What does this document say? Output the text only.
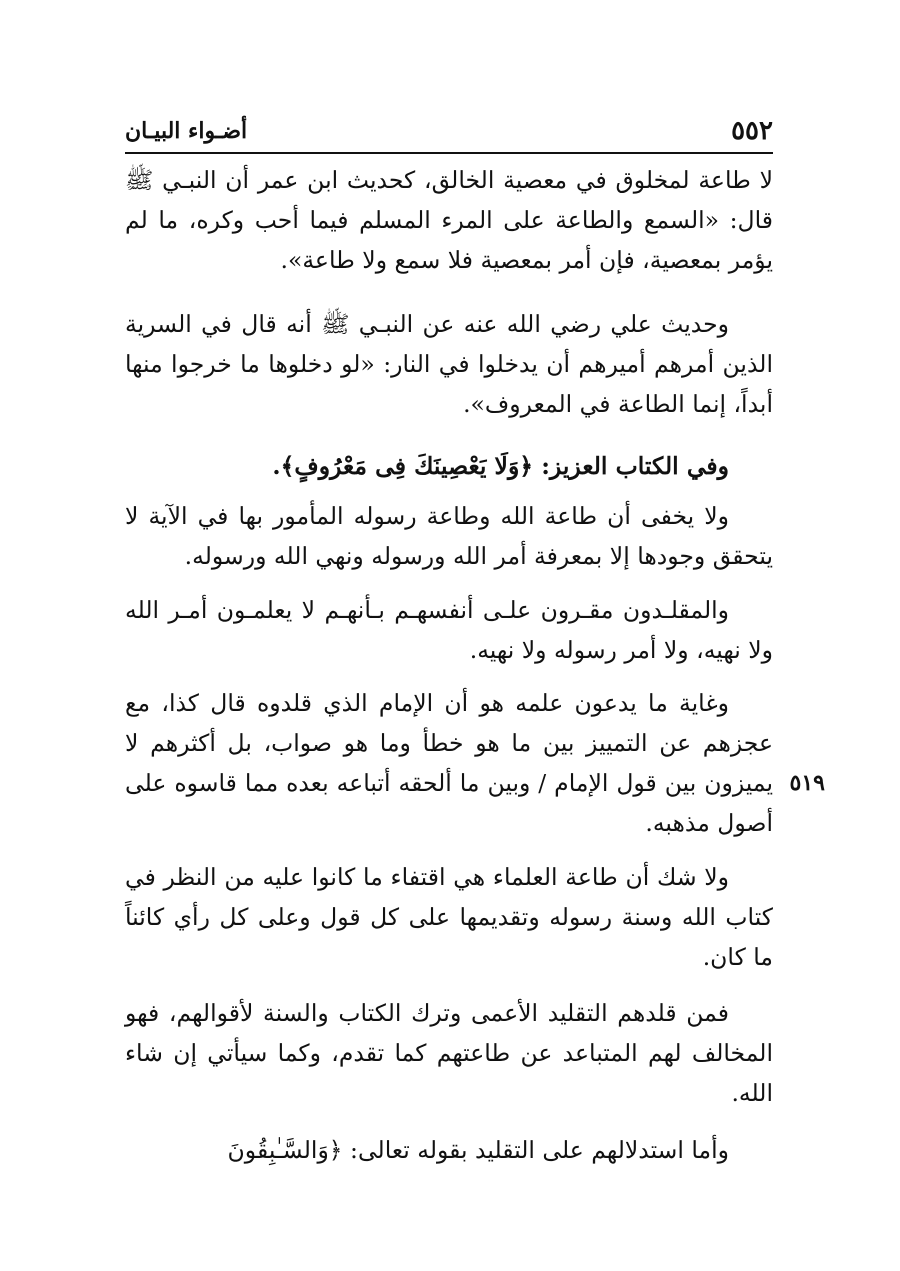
٥٥٢
أضـواء البيـان
٥١٩

لا طاعة لمخلوق في معصية الخالق، كحديث ابن عمر أن النبـي ﷺ قال: «السمع والطاعة على المرء المسلم فيما أحب وكره، ما لم يؤمر بمعصية، فإن أمر بمعصية فلا سمع ولا طاعة».

وحديث علي رضي الله عنه عن النبـي ﷺ أنه قال في السرية الذين أمرهم أميرهم أن يدخلوا في النار: «لو دخلوها ما خرجوا منها أبداً، إنما الطاعة في المعروف».

وفي الكتاب العزيز: ﴿وَلَا يَعْصِينَكَ فِى مَعْرُوفٍ﴾.

ولا يخفى أن طاعة الله وطاعة رسوله المأمور بها في الآية لا يتحقق وجودها إلا بمعرفة أمر الله ورسوله ونهي الله ورسوله.

والمقلـدون مقـرون علـى أنفسهـم بـأنهـم لا يعلمـون أمـر الله ولا نهيه، ولا أمر رسوله ولا نهيه.

وغاية ما يدعون علمه هو أن الإمام الذي قلدوه قال كذا، مع عجزهم عن التمييز بين ما هو خطأ وما هو صواب، بل أكثرهم لا يميزون بين قول الإمام / وبين ما ألحقه أتباعه بعده مما قاسوه على أصول مذهبه.

ولا شك أن طاعة العلماء هي اقتفاء ما كانوا عليه من النظر في كتاب الله وسنة رسوله وتقديمها على كل قول وعلى كل رأي كائناً ما كان.

فمن قلدهم التقليد الأعمى وترك الكتاب والسنة لأقوالهم، فهو المخالف لهم المتباعد عن طاعتهم كما تقدم، وكما سيأتي إن شاء الله.

وأما استدلالهم على التقليد بقوله تعالى: ﴿وَالسَّـٰبِقُونَ
